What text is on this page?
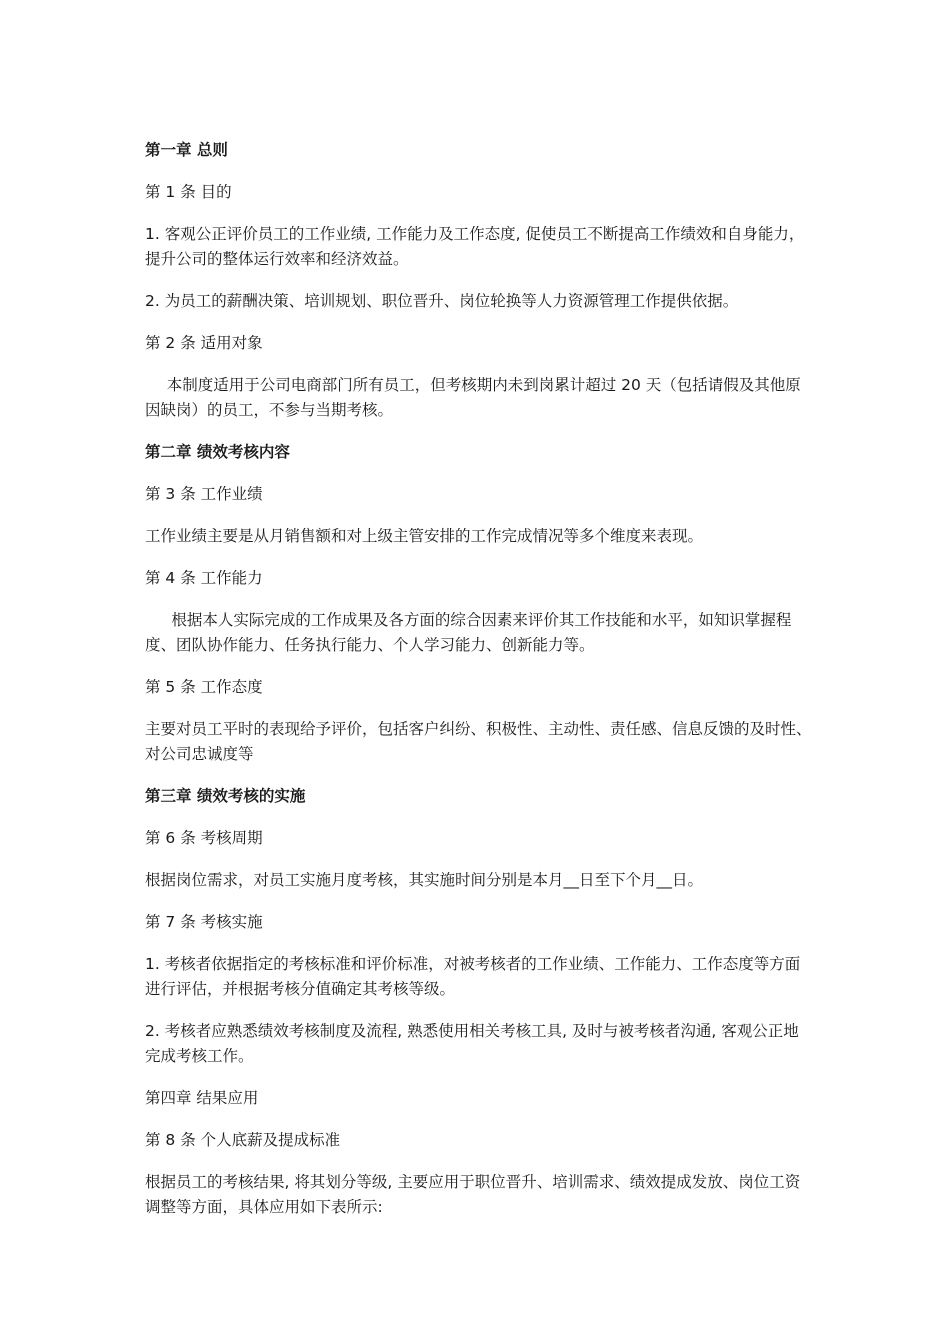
第一章 总则

第 1 条 目的

1. 客观公正评价员工的工作业绩, 工作能力及工作态度, 促使员工不断提高工作绩效和自身能力，提升公司的整体运行效率和经济效益。

2. 为员工的薪酬决策、培训规划、职位晋升、岗位轮换等人力资源管理工作提供依据。

第 2 条 适用对象

本制度适用于公司电商部门所有员工，但考核期内未到岗累计超过 20 天（包括请假及其他原因缺岗）的员工，不参与当期考核。

第二章 绩效考核内容

第 3 条 工作业绩

工作业绩主要是从月销售额和对上级主管安排的工作完成情况等多个维度来表现。

第 4 条 工作能力

根据本人实际完成的工作成果及各方面的综合因素来评价其工作技能和水平，如知识掌握程度、团队协作能力、任务执行能力、个人学习能力、创新能力等。

第 5 条 工作态度

主要对员工平时的表现给予评价，包括客户纠纷、积极性、主动性、责任感、信息反馈的及时性、对公司忠诚度等

第三章 绩效考核的实施

第 6 条 考核周期

根据岗位需求，对员工实施月度考核，其实施时间分别是本月__日至下个月__日。

第 7 条 考核实施

1. 考核者依据指定的考核标准和评价标准，对被考核者的工作业绩、工作能力、工作态度等方面进行评估，并根据考核分值确定其考核等级。

2. 考核者应熟悉绩效考核制度及流程, 熟悉使用相关考核工具, 及时与被考核者沟通, 客观公正地完成考核工作。

第四章 结果应用

第 8 条 个人底薪及提成标准

根据员工的考核结果, 将其划分等级, 主要应用于职位晋升、培训需求、绩效提成发放、岗位工资调整等方面，具体应用如下表所示:
